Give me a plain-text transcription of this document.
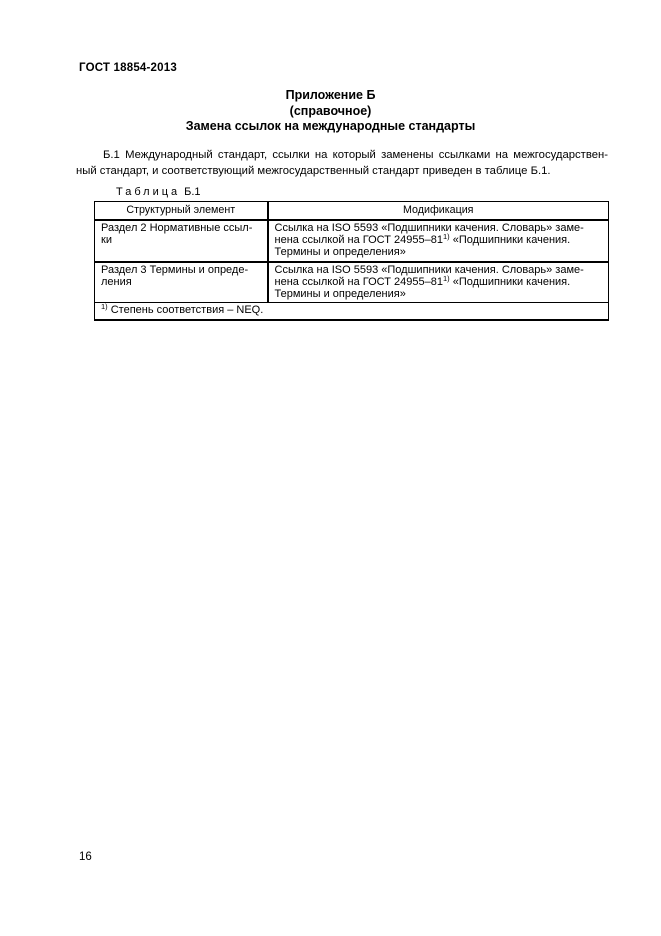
ГОСТ 18854-2013
Приложение Б
(справочное)
Замена ссылок на международные стандарты
Б.1 Международный стандарт, ссылки на который заменены ссылками на межгосударствен-ный стандарт, и соответствующий межгосударственный стандарт приведен в таблице Б.1.
Таблица Б.1
Структурный элемент	Модификация
Раздел 2 Нормативные ссыл-ки	Ссылка на ISO 5593 «Подшипники качения. Словарь» заме-нена ссылкой на ГОСТ 24955–81$^{1)}$ «Подшипники качения. Термины и определения»
Раздел 3 Термины и опреде-ления	Ссылка на ISO 5593 «Подшипники качения. Словарь» заме-нена ссылкой на ГОСТ 24955–81$^{1)}$ «Подшипники качения. Термины и определения»
$^{1)}$ Степень соответствия – NEQ.	
16
